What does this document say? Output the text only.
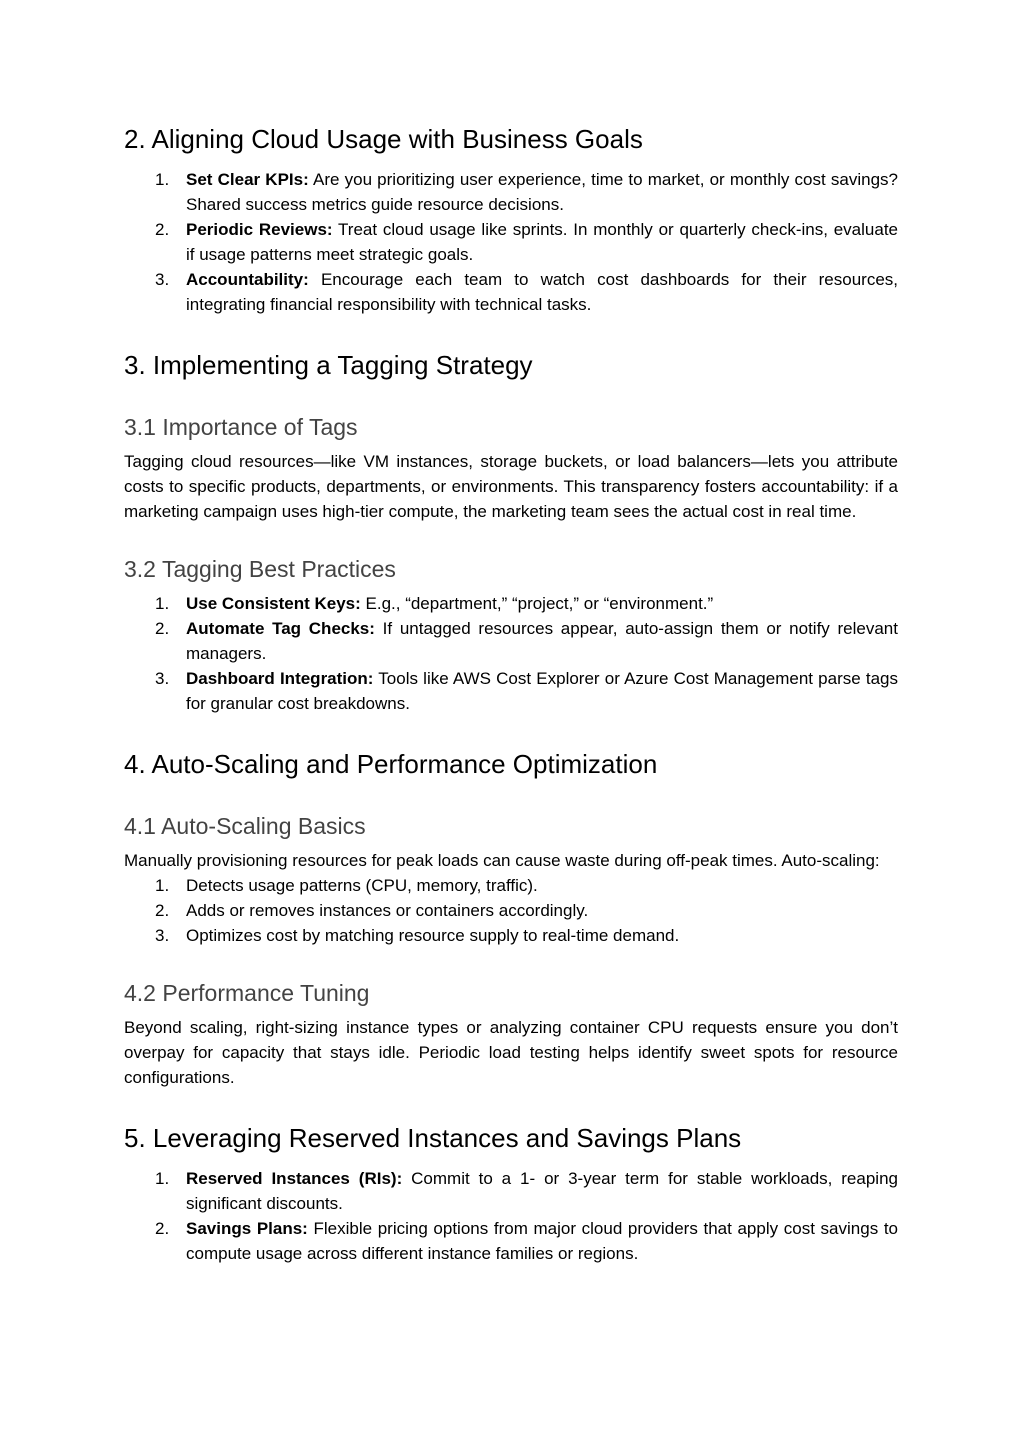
2. Aligning Cloud Usage with Business Goals
1. Set Clear KPIs: Are you prioritizing user experience, time to market, or monthly cost savings? Shared success metrics guide resource decisions.
2. Periodic Reviews: Treat cloud usage like sprints. In monthly or quarterly check-ins, evaluate if usage patterns meet strategic goals.
3. Accountability: Encourage each team to watch cost dashboards for their resources, integrating financial responsibility with technical tasks.
3. Implementing a Tagging Strategy
3.1 Importance of Tags

Tagging cloud resources—like VM instances, storage buckets, or load balancers—lets you attribute costs to specific products, departments, or environments. This transparency fosters accountability: if a marketing campaign uses high-tier compute, the marketing team sees the actual cost in real time.

3.2 Tagging Best Practices
1. Use Consistent Keys: E.g., “department,” “project,” or “environment.”
2. Automate Tag Checks: If untagged resources appear, auto-assign them or notify relevant managers.
3. Dashboard Integration: Tools like AWS Cost Explorer or Azure Cost Management parse tags for granular cost breakdowns.
4. Auto-Scaling and Performance Optimization
4.1 Auto-Scaling Basics

Manually provisioning resources for peak loads can cause waste during off-peak times. Auto-scaling:

1. Detects usage patterns (CPU, memory, traffic).
2. Adds or removes instances or containers accordingly.
3. Optimizes cost by matching resource supply to real-time demand.
4.2 Performance Tuning

Beyond scaling, right-sizing instance types or analyzing container CPU requests ensure you don’t overpay for capacity that stays idle. Periodic load testing helps identify sweet spots for resource configurations.

5. Leveraging Reserved Instances and Savings Plans
1. Reserved Instances (RIs): Commit to a 1- or 3-year term for stable workloads, reaping significant discounts.
2. Savings Plans: Flexible pricing options from major cloud providers that apply cost savings to compute usage across different instance families or regions.
